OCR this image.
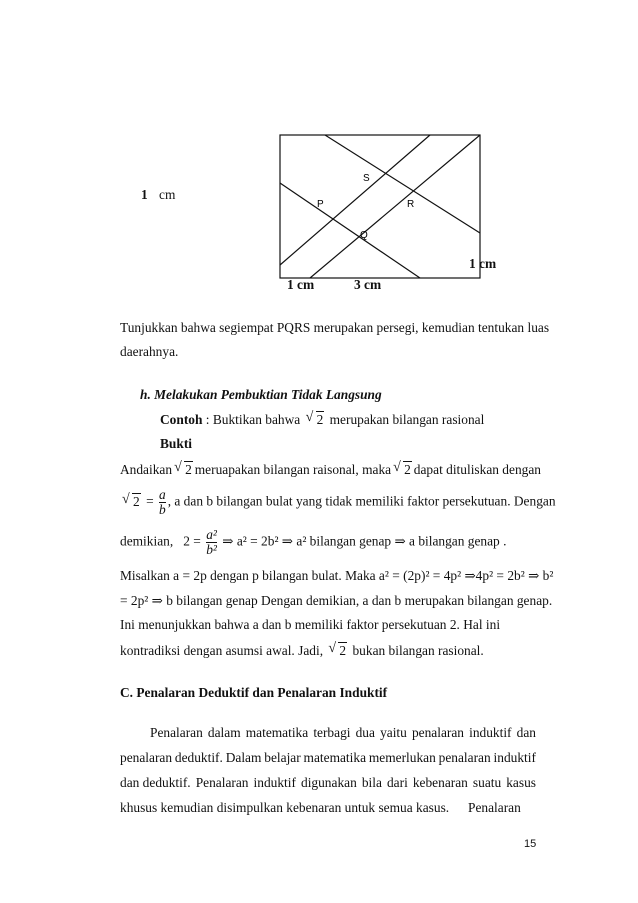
S
P	R
Q
1 cm
1 cm
1 cm	3 cm
Tunjukkan bahwa segiempat PQRS merupakan persegi, kemudian tentukan luas
daerahnya.
h. Melakukan Pembuktian Tidak Langsung
Contoh : Buktikan bahwa √ 2 merupakan bilangan rasional
Bukti
Andaikan √ 2 meruapakan bilangan raisonal, maka √ 2 dapat dituliskan dengan
√ $2 = \frac{a}{b}$ , a dan b bilangan bulat yang tidak memiliki faktor persekutuan. Dengan
demikian, $2 = \frac{\text{a²}}{\text{b²}}$ ⇒ a² = 2b² ⇒ a² bilangan genap ⇒ a bilangan genap .
Misalkan a = 2p dengan p bilangan bulat. Maka a² = (2p)² = 4p² ⇒4p² = 2b² ⇒ b²
= 2p² ⇒ b bilangan genap Dengan demikian, a dan b merupakan bilangan genap.
Ini menunjukkan bahwa a dan b memiliki faktor persekutuan 2. Hal ini
kontradiksi dengan asumsi awal. Jadi, √ 2 bukan bilangan rasional.
C. Penalaran Deduktif dan Penalaran Induktif
Penalaran dalam matematika terbagi dua yaitu penalaran induktif dan
penalaran deduktif. Dalam belajar matematika memerlukan penalaran induktif
dan deduktif. Penalaran induktif digunakan bila dari kebenaran suatu kasus
khusus kemudian disimpulkan kebenaran untuk semua kasus. Penalaran
15
